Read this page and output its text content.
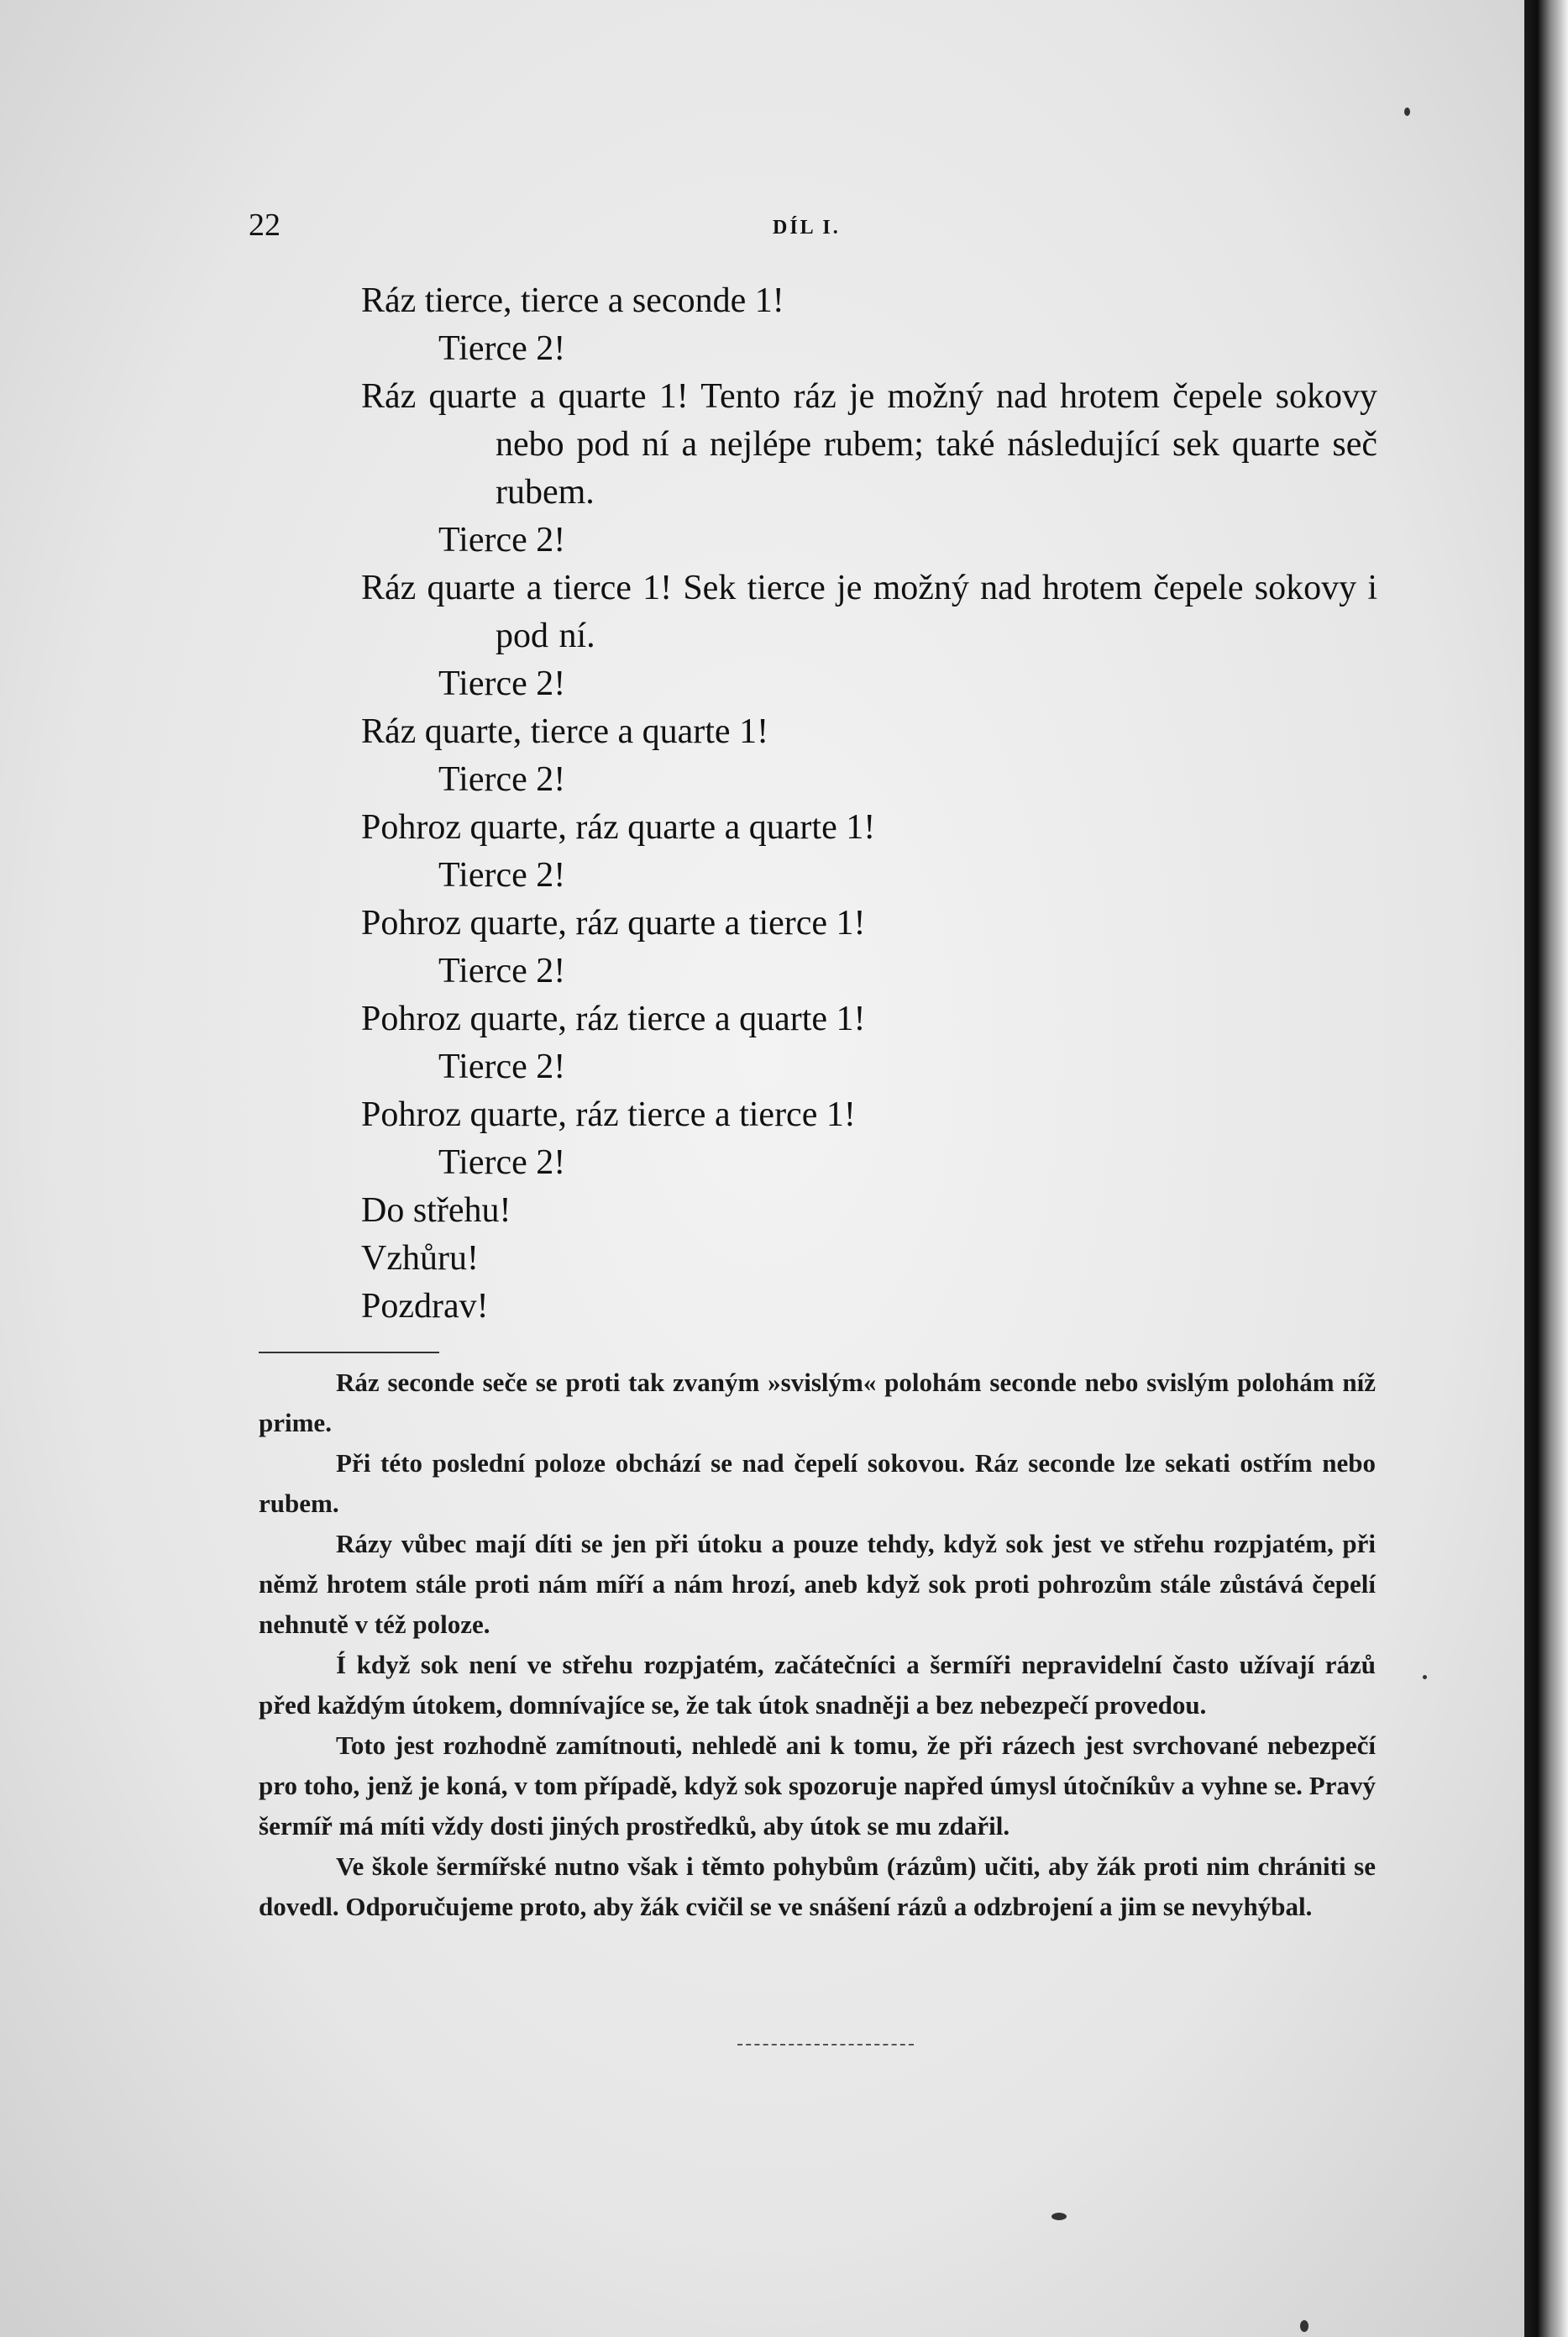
22	DÍL I.
Ráz tierce, tierce a seconde 1!
Tierce 2!
Ráz quarte a quarte 1! Tento ráz je možný nad hrotem čepele sokovy nebo pod ní a nejlépe rubem; také následující sek quarte seč rubem.
Tierce 2!
Ráz quarte a tierce 1! Sek tierce je možný nad hrotem čepele sokovy i pod ní.
Tierce 2!
Ráz quarte, tierce a quarte 1!
Tierce 2!
Pohroz quarte, ráz quarte a quarte 1!
Tierce 2!
Pohroz quarte, ráz quarte a tierce 1!
Tierce 2!
Pohroz quarte, ráz tierce a quarte 1!
Tierce 2!
Pohroz quarte, ráz tierce a tierce 1!
Tierce 2!
Do střehu!
Vzhůru!
Pozdrav!

Ráz seconde seče se proti tak zvaným »svislým« polohám seconde nebo svislým polohám níž prime.

Při této poslední poloze obchází se nad čepelí sokovou. Ráz seconde lze sekati ostřím nebo rubem.

Rázy vůbec mají díti se jen při útoku a pouze tehdy, když sok jest ve střehu rozpjatém, při němž hrotem stále proti nám míří a nám hrozí, aneb když sok proti pohrozům stále zůstává čepelí nehnutě v též poloze.

Í když sok není ve střehu rozpjatém, začátečníci a šermíři nepravidelní často užívají rázů před každým útokem, domnívajíce se, že tak útok snadněji a bez nebezpečí provedou.

Toto jest rozhodně zamítnouti, nehledě ani k tomu, že při rázech jest svrchované nebezpečí pro toho, jenž je koná, v tom případě, když sok spozoruje napřed úmysl útočníkův a vyhne se. Pravý šermíř má míti vždy dosti jiných prostředků, aby útok se mu zdařil.

Ve škole šermířské nutno však i těmto pohybům (rázům) učiti, aby žák proti nim chrániti se dovedl. Odporučujeme proto, aby žák cvičil se ve snášení rázů a odzbrojení a jim se nevyhýbal.
